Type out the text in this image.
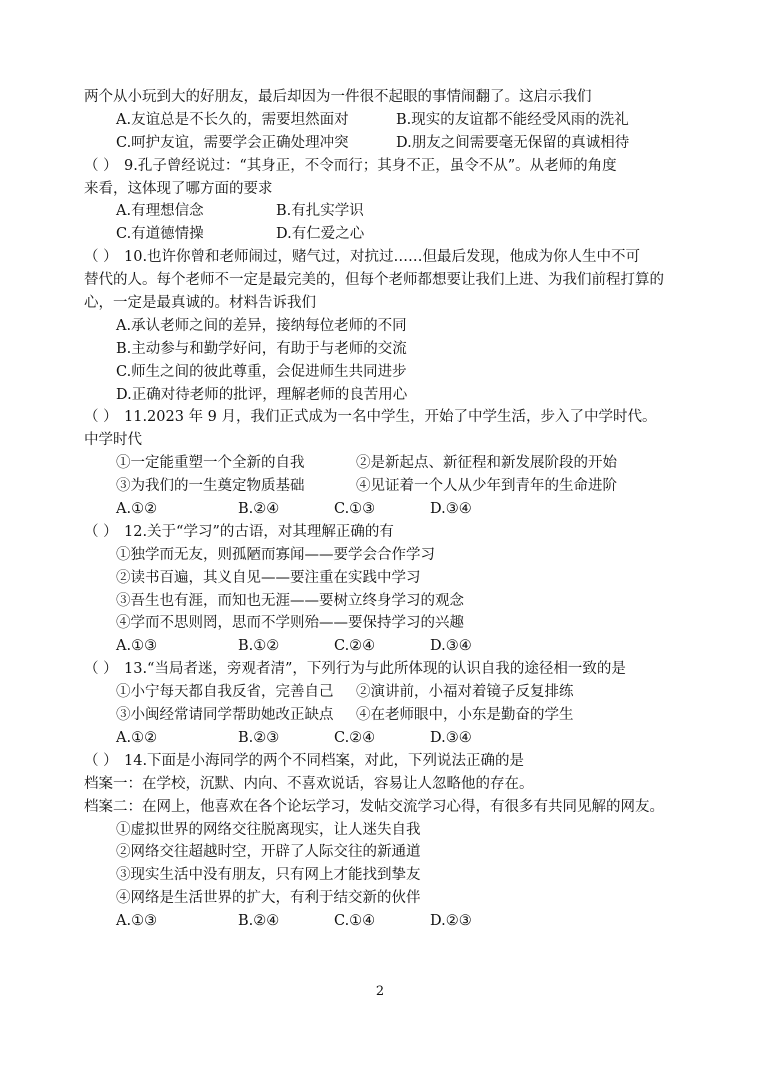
两个从小玩到大的好朋友，最后却因为一件很不起眼的事情闹翻了。这启示我们
A.友谊总是不长久的，需要坦然面对	B.现实的友谊都不能经受风雨的洗礼
C.呵护友谊，需要学会正确处理冲突	D.朋友之间需要毫无保留的真诚相待
（ ） 9.孔子曾经说过：“其身正，不令而行；其身不正，虽令不从”。从老师的角度
来看，这体现了哪方面的要求
A.有理想信念	B.有扎实学识
C.有道德情操	D.有仁爱之心
（ ） 10.也许你曾和老师闹过，赌气过，对抗过……但最后发现，他成为你人生中不可
替代的人。每个老师不一定是最完美的，但每个老师都想要让我们上进、为我们前程打算的
心，一定是最真诚的。材料告诉我们
A.承认老师之间的差异，接纳每位老师的不同
B.主动参与和勤学好问，有助于与老师的交流
C.师生之间的彼此尊重，会促进师生共同进步
D.正确对待老师的批评，理解老师的良苦用心
（ ） 11.2023 年 9 月，我们正式成为一名中学生，开始了中学生活，步入了中学时代。
中学时代
①一定能重塑一个全新的自我	②是新起点、新征程和新发展阶段的开始
③为我们的一生奠定物质基础	④见证着一个人从少年到青年的生命进阶
A.①②	B.②④	C.①③	D.③④
（ ） 12.关于“学习”的古语，对其理解正确的有
①独学而无友，则孤陋而寡闻——要学会合作学习
②读书百遍，其义自见——要注重在实践中学习
③吾生也有涯，而知也无涯——要树立终身学习的观念
④学而不思则罔，思而不学则殆——要保持学习的兴趣
A.①③	B.①②	C.②④	D.③④
（ ） 13.“当局者迷，旁观者清”，下列行为与此所体现的认识自我的途径相一致的是
①小宁每天都自我反省，完善自己	②演讲前，小福对着镜子反复排练
③小闽经常请同学帮助她改正缺点	④在老师眼中，小东是勤奋的学生
A.①②	B.②③	C.②④	D.③④
（ ） 14.下面是小海同学的两个不同档案，对此，下列说法正确的是
档案一：在学校，沉默、内向、不喜欢说话，容易让人忽略他的存在。
档案二：在网上，他喜欢在各个论坛学习，发帖交流学习心得，有很多有共同见解的网友。
①虚拟世界的网络交往脱离现实，让人迷失自我
②网络交往超越时空，开辟了人际交往的新通道
③现实生活中没有朋友，只有网上才能找到挚友
④网络是生活世界的扩大，有利于结交新的伙伴
A.①③	B.②④	C.①④	D.②③
2
